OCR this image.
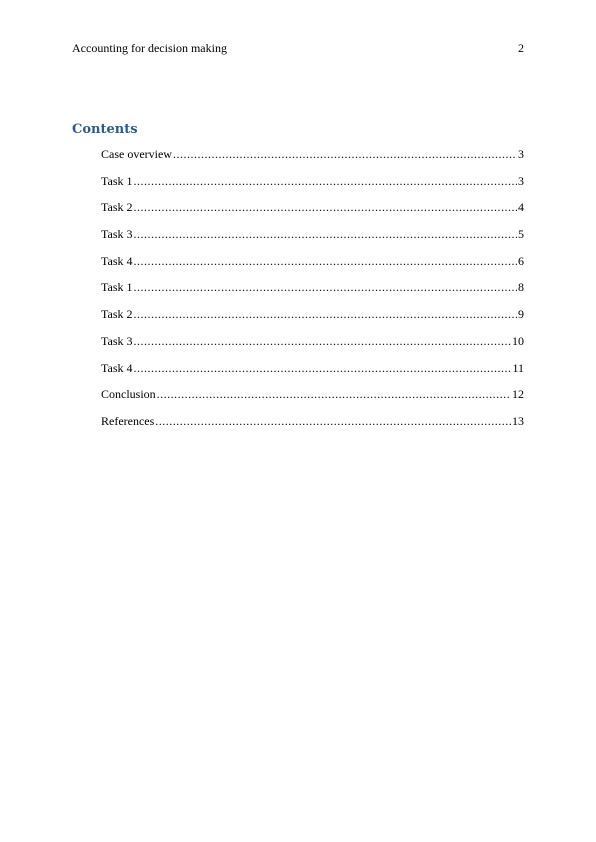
Accounting for decision making	2
Contents
Case overview .....	3
Task 1 .....	3
Task 2 .....	4
Task 3 .....	5
Task 4 .....	6
Task 1 .....	8
Task 2 .....	9
Task 3 .....	10
Task 4 .....	11
Conclusion .....	12
References .....	13
